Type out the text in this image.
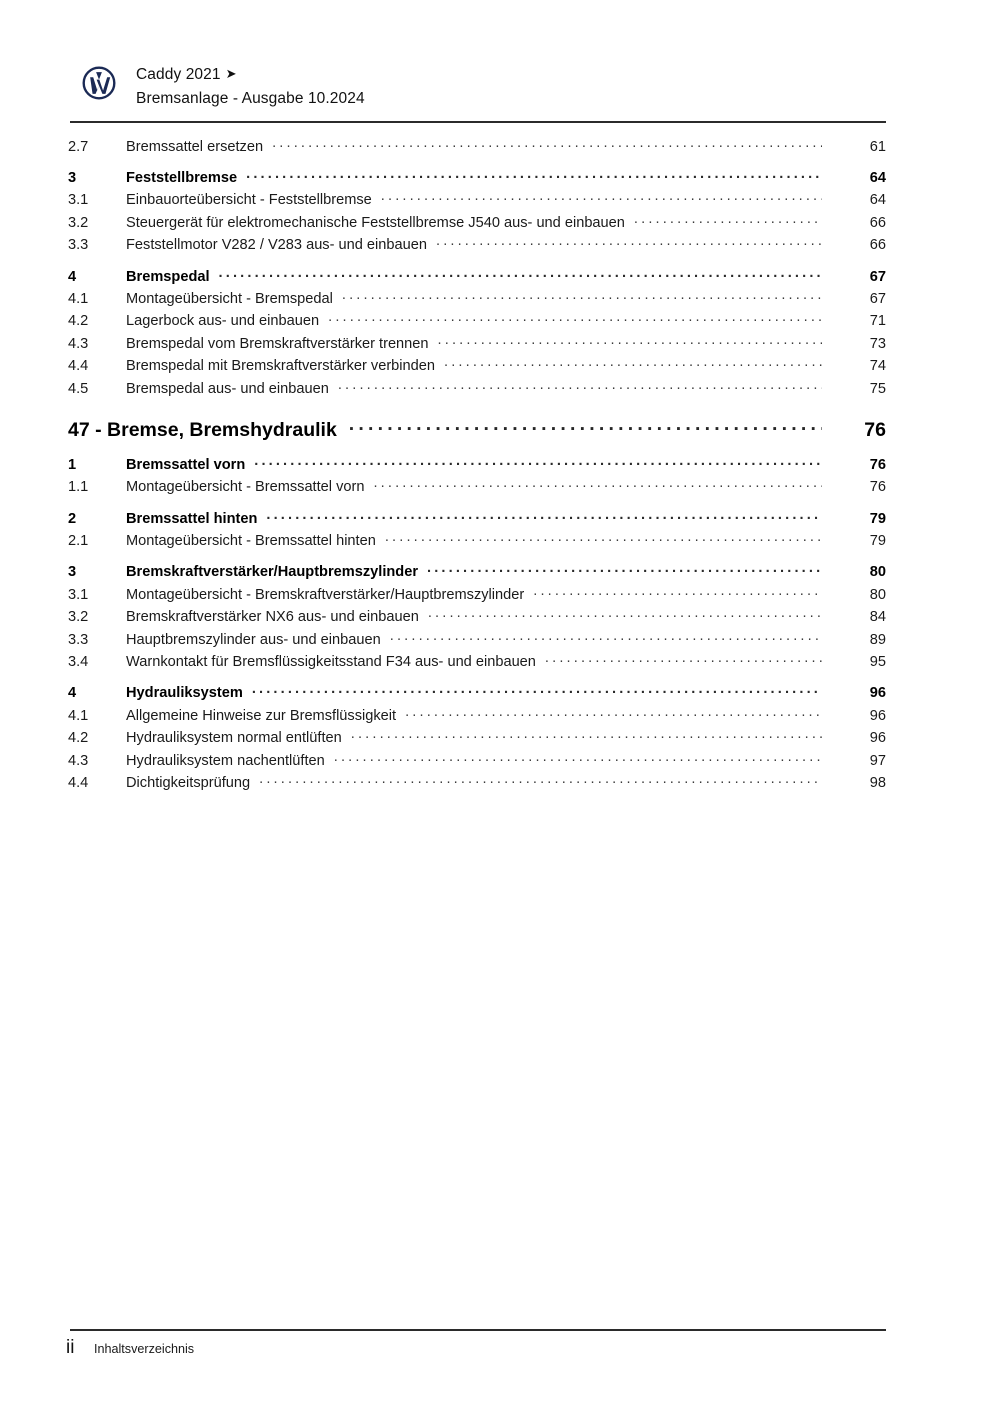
Caddy 2021 ➤
Bremsanlage - Ausgabe 10.2024
2.7	Bremssattel ersetzen .....	61
3	Feststellbremse .....	64
3.1	Einbauorteübersicht - Feststellbremse .....	64
3.2	Steuergerät für elektromechanische Feststellbremse J540 aus- und einbauen .....	66
3.3	Feststellmotor V282 / V283 aus- und einbauen .....	66
4	Bremspedal .....	67
4.1	Montageübersicht - Bremspedal .....	67
4.2	Lagerbock aus- und einbauen .....	71
4.3	Bremspedal vom Bremskraftverstärker trennen .....	73
4.4	Bremspedal mit Bremskraftverstärker verbinden .....	74
4.5	Bremspedal aus- und einbauen .....	75
47 - Bremse, Bremshydraulik .....	76
1	Bremssattel vorn .....	76
1.1	Montageübersicht - Bremssattel vorn .....	76
2	Bremssattel hinten .....	79
2.1	Montageübersicht - Bremssattel hinten .....	79
3	Bremskraftverstärker/Hauptbremszylinder .....	80
3.1	Montageübersicht - Bremskraftverstärker/Hauptbremszylinder .....	80
3.2	Bremskraftverstärker NX6 aus- und einbauen .....	84
3.3	Hauptbremszylinder aus- und einbauen .....	89
3.4	Warnkontakt für Bremsflüssigkeitsstand F34 aus- und einbauen .....	95
4	Hydrauliksystem .....	96
4.1	Allgemeine Hinweise zur Bremsflüssigkeit .....	96
4.2	Hydrauliksystem normal entlüften .....	96
4.3	Hydrauliksystem nachentlüften .....	97
4.4	Dichtigkeitsprüfung .....	98
ii	Inhaltsverzeichnis
